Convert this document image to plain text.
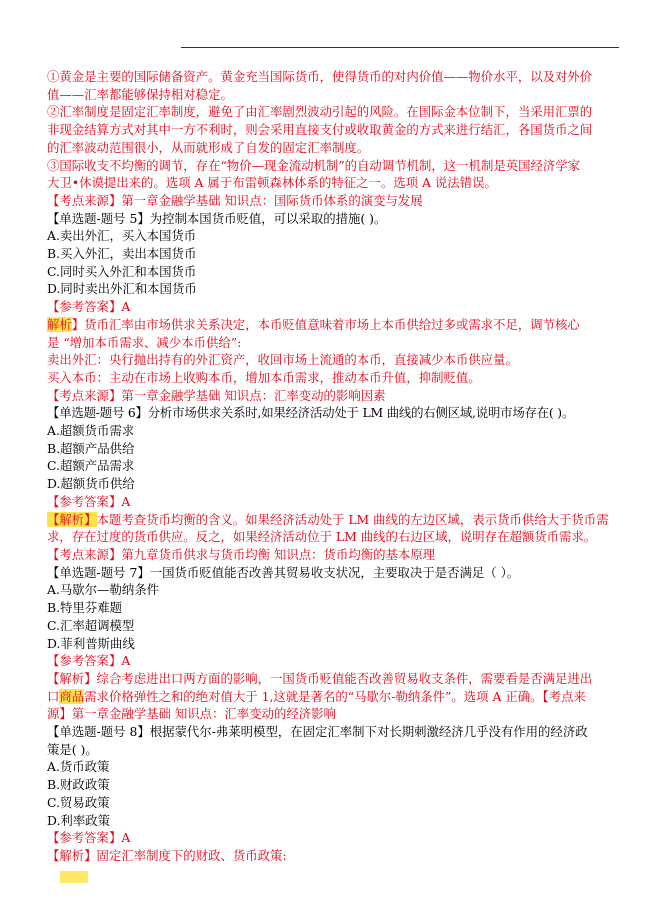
①黄金是主要的国际储备资产。黄金充当国际货币，使得货币的对内价值——物价水平，以及对外价

值——汇率都能够保持相对稳定。

②汇率制度是固定汇率制度，避免了由汇率剧烈波动引起的风险。在国际金本位制下，当采用汇票的

非现金结算方式对其中一方不利时，则会采用直接支付或收取黄金的方式来进行结汇，各国货币之间

的汇率波动范围很小，从而就形成了自发的固定汇率制度。

③国际收支不均衡的调节，存在“物价—现金流动机制”的自动调节机制，这一机制是英国经济学家

大卫•休谟提出来的。选项 A 属于布雷顿森林体系的特征之一。选项 A 说法错误。

【考点来源】第一章金融学基础 知识点：国际货币体系的演变与发展

【单选题-题号 5】为控制本国货币贬值，可以采取的措施( )。

A.卖出外汇，买入本国货币

B.买入外汇，卖出本国货币

C.同时买入外汇和本国货币

D.同时卖出外汇和本国货币

【参考答案】A

解析】货币汇率由市场供求关系决定，本币贬值意味着市场上本币供给过多或需求不足，调节核心

是 “增加本币需求、减少本币供给”:

卖出外汇：央行抛出持有的外汇资产，收回市场上流通的本币，直接减少本币供应量。

买入本币：主动在市场上收购本币，增加本币需求，推动本币升值，抑制贬值。

【考点来源】第一章金融学基础 知识点：汇率变动的影响因素

【单选题-题号 6】分析市场供求关系时,如果经济活动处于 LM 曲线的右侧区域,说明市场存在( )。

A.超额货币需求

B.超额产品供给

C.超额产品需求

D.超额货币供给

【参考答案】A

【解析】本题考查货币均衡的含义。如果经济活动处于 LM 曲线的左边区域，表示货币供给大于货币需

求，存在过度的货币供应。反之，如果经济活动位于 LM 曲线的右边区域，说明存在超额货币需求。

【考点来源】第九章货币供求与货币均衡 知识点：货币均衡的基本原理

【单选题-题号 7】一国货币贬值能否改善其贸易收支状况，主要取决于是否满足（ ）。

A.马歇尔—勒纳条件

B.特里芬难题

C.汇率超调模型

D.菲利普斯曲线

【参考答案】A

【解析】综合考虑进出口两方面的影响，一国货币贬值能否改善贸易收支条件，需要看是否满足进出

口商品需求价格弹性之和的绝对值大于 1,这就是著名的“马歇尔-勒纳条件”。选项 A 正确。【考点来

源】第一章金融学基础 知识点：汇率变动的经济影响

【单选题-题号 8】根据蒙代尔-弗莱明模型，在固定汇率制下对长期刺激经济几乎没有作用的经济政

策是( )。

A.货币政策

B.财政政策

C.贸易政策

D.利率政策

【参考答案】A

【解析】固定汇率制度下的财政、货币政策:
